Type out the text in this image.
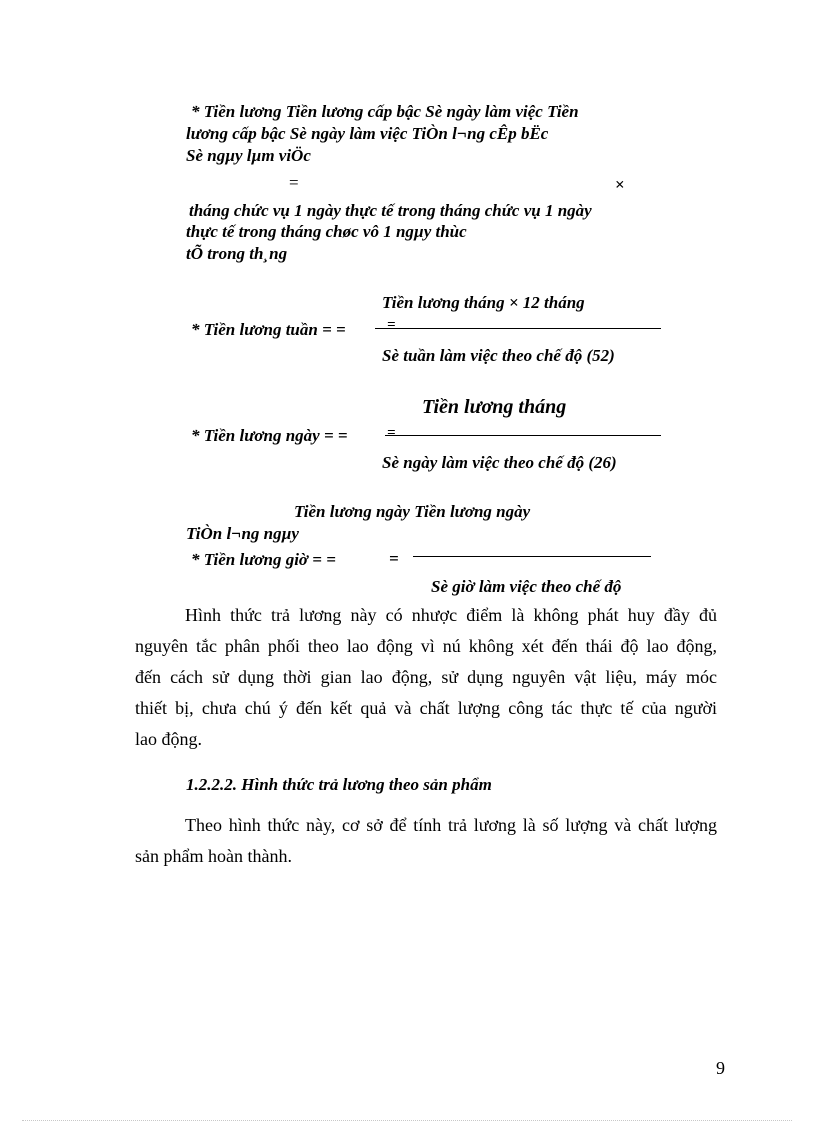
* Tiền lương Tiền lương cấp bậc Sè ngày làm việc Tiền
lương cấp bậc Sè ngày làm việc TiÒn l¬ng cÊp bËc
Sè ngµy lµm viÖc
=	×
tháng chức vụ 1 ngày thực tế trong tháng chức vụ 1 ngày
thực tế trong tháng chøc vô 1 ngµy thùc
tÕ trong th¸ng
Tiền lương tháng × 12 tháng
* Tiền lương tuần = =	=
Sè tuần làm việc theo chế độ (52)
Tiền lương tháng
* Tiền lương ngày = =	=
Sè ngày làm việc theo chế độ (26)
Tiền lương ngày Tiền lương ngày
TiÒn l¬ng ngµy
* Tiền lương giờ = =	=
Sè giờ làm việc theo chế độ
Hình thức trả lương này có nhược điểm là không phát huy đầy đủ
nguyên tắc phân phối theo lao động vì nú không xét đến thái độ lao động,
đến cách sử dụng thời gian lao động, sử dụng nguyên vật liệu, máy móc
thiết bị, chưa chú ý đến kết quả và chất lượng công tác thực tế của người
lao động.
1.2.2.2. Hình thức trả lương theo sản phẩm
Theo hình thức này, cơ sở để tính trả lương là số lượng và chất lượng
sản phẩm hoàn thành.
9
